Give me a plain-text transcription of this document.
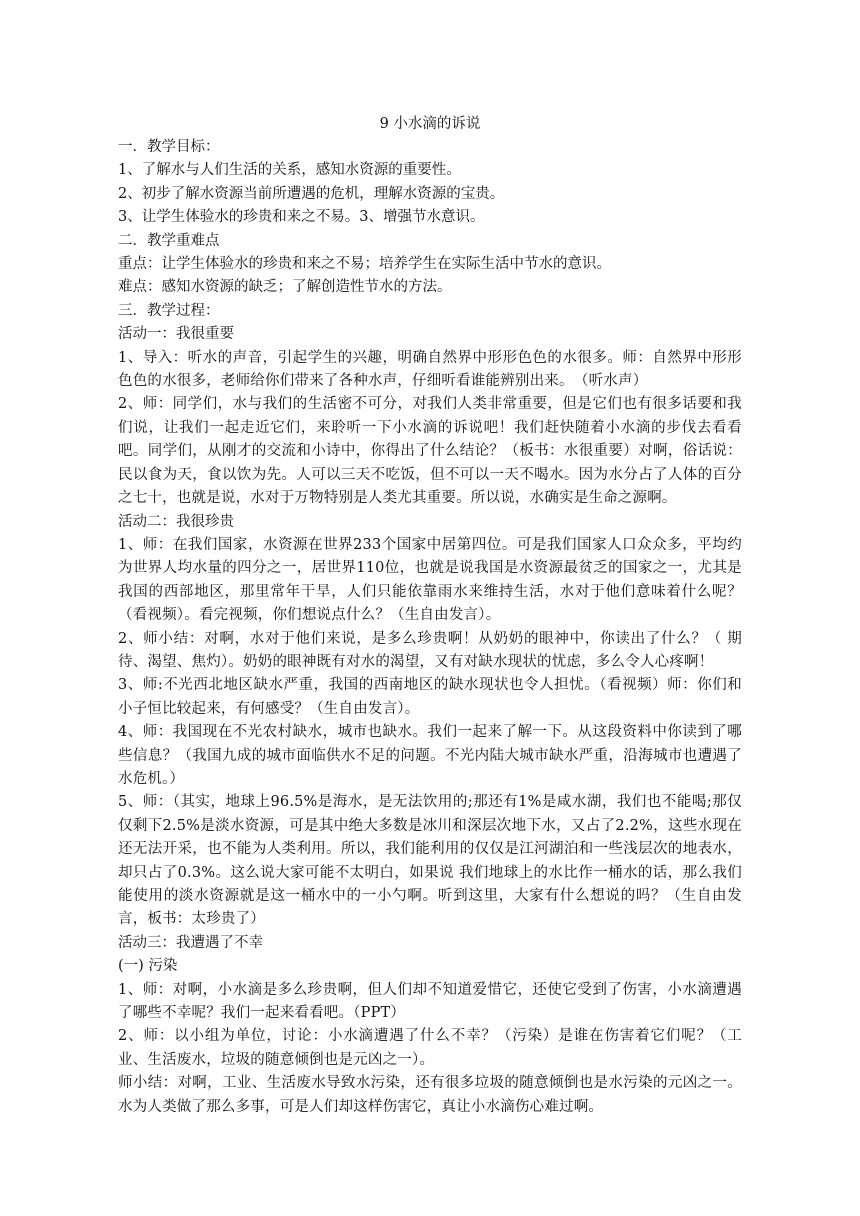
9 小水滴的诉说

一．教学目标：

1、了解水与人们生活的关系，感知水资源的重要性。

2、初步了解水资源当前所遭遇的危机，理解水资源的宝贵。

3、让学生体验水的珍贵和来之不易。3、增强节水意识。

二．教学重难点

重点：让学生体验水的珍贵和来之不易；培养学生在实际生活中节水的意识。

难点：感知水资源的缺乏；了解创造性节水的方法。

三．教学过程：

活动一：我很重要

1、导入：听水的声音，引起学生的兴趣，明确自然界中形形色色的水很多。师：自然界中形形色色的水很多，老师给你们带来了各种水声，仔细听看谁能辨别出来。　（听水声）

2、师：同学们，水与我们的生活密不可分，对我们人类非常重要，但是它们也有很多话要和我们说，让我们一起走近它们，来聆听一下小水滴的诉说吧！我们赶快随着小水滴的步伐去看看吧。同学们，从刚才的交流和小诗中，你得出了什么结论？（板书：水很重要）对啊，俗话说：民以食为天，食以饮为先。人可以三天不吃饭，但不可以一天不喝水。因为水分占了人体的百分之七十，也就是说，水对于万物特别是人类尤其重要。所以说，水确实是生命之源啊。

活动二：我很珍贵

1、师：在我们国家，水资源在世界233个国家中居第四位。可是我们国家人口众众多，平均约为世界人均水量的四分之一，居世界110位，也就是说我国是水资源最贫乏的国家之一，尤其是我国的西部地区，那里常年干旱，人们只能依靠雨水来维持生活，水对于他们意味着什么呢？（看视频）。看完视频，你们想说点什么？（生自由发言）。

2、师小结：对啊，水对于他们来说，是多么珍贵啊！从奶奶的眼神中，你读出了什么？（ 期待、渴望、焦灼）。奶奶的眼神既有对水的渴望，又有对缺水现状的忧虑，多么令人心疼啊！

3、师:不光西北地区缺水严重，我国的西南地区的缺水现状也令人担忧。（看视频）师：你们和小子恒比较起来，有何感受？（生自由发言）。

4、师：我国现在不光农村缺水，城市也缺水。我们一起来了解一下。从这段资料中你读到了哪些信息？（我国九成的城市面临供水不足的问题。不光内陆大城市缺水严重，沿海城市也遭遇了水危机。）

5、师：（其实，地球上96.5%是海水，是无法饮用的;那还有1%是咸水湖，我们也不能喝;那仅仅剩下2.5%是淡水资源，可是其中绝大多数是冰川和深层次地下水，又占了2.2%，这些水现在还无法开采，也不能为人类利用。所以，我们能利用的仅仅是江河湖泊和一些浅层次的地表水，却只占了0.3%。这么说大家可能不太明白，如果说 我们地球上的水比作一桶水的话，那么我们能使用的淡水资源就是这一桶水中的一小勺啊。听到这里，大家有什么想说的吗？（生自由发言，板书：太珍贵了）

活动三：我遭遇了不幸

(一) 污染

1、师：对啊，小水滴是多么珍贵啊，但人们却不知道爱惜它，还使它受到了伤害，小水滴遭遇了哪些不幸呢？我们一起来看看吧。（PPT）

2、师：以小组为单位，讨论：小水滴遭遇了什么不幸？（污染）是谁在伤害着它们呢？（工业、生活废水，垃圾的随意倾倒也是元凶之一）。

师小结：对啊，工业、生活废水导致水污染，还有很多垃圾的随意倾倒也是水污染的元凶之一。水为人类做了那么多事，可是人们却这样伤害它，真让小水滴伤心难过啊。
